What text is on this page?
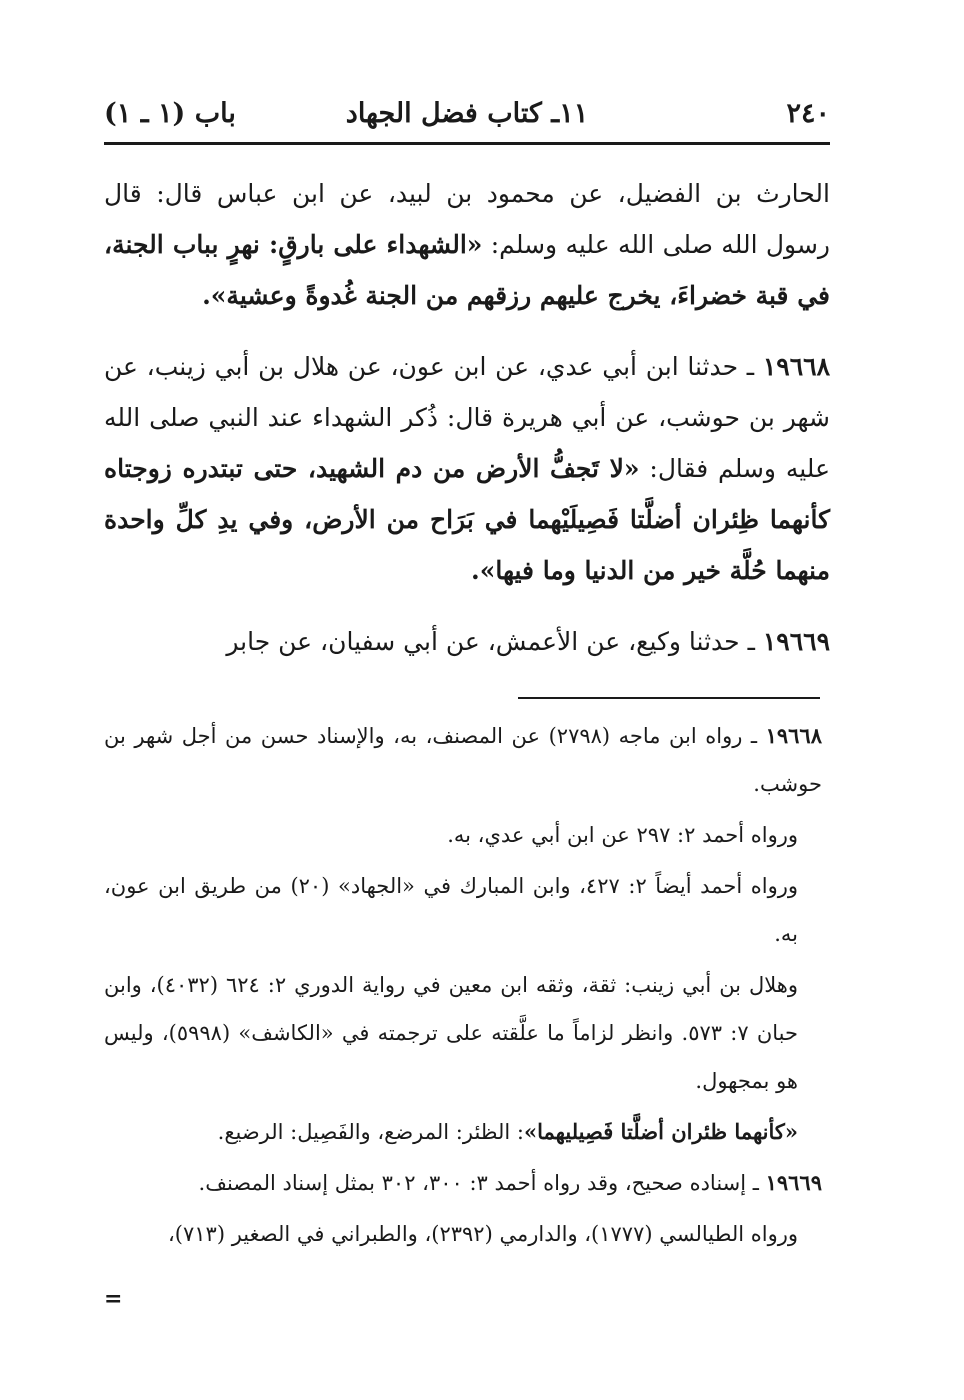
٢٤٠
١١ـ كتاب فضل الجهاد
باب (١ ـ ١)

الحارث بن الفضيل، عن محمود بن لبيد، عن ابن عباس قال: قال رسول الله صلى الله عليه وسلم: «الشهداء على بارقٍ: نهرٍ بباب الجنة، في قبة خضراءَ، يخرج عليهم رزقهم من الجنة غُدوةً وعشية».

١٩٦٦٨ ـ حدثنا ابن أبي عدي، عن ابن عون، عن هلال بن أبي زينب، عن شهر بن حوشب، عن أبي هريرة قال: ذُكر الشهداء عند النبي صلى الله عليه وسلم فقال: «لا تَجفُّ الأرض من دم الشهيد، حتى تبتدره زوجتاه كأنهما ظِئران أضلَّتا فَصِيلَيْهما في بَرَاح من الأرض، وفي يدِ كلِّ واحدة منهما حُلَّة خير من الدنيا وما فيها».

١٩٦٦٩ ـ حدثنا وكيع، عن الأعمش، عن أبي سفيان، عن جابر

١٩٦٦٨ ـ رواه ابن ماجه (٢٧٩٨) عن المصنف، به، والإسناد حسن من أجل شهر بن حوشب.

ورواه أحمد ٢: ٢٩٧ عن ابن أبي عدي، به.

ورواه أحمد أيضاً ٢: ٤٢٧، وابن المبارك في «الجهاد» (٢٠) من طريق ابن عون، به.

وهلال بن أبي زينب: ثقة، وثقه ابن معين في رواية الدوري ٢: ٦٢٤ (٤٠٣٢)، وابن حبان ٧: ٥٧٣. وانظر لزاماً ما علَّقته على ترجمته في «الكاشف» (٥٩٩٨)، وليس هو بمجهول.

«كأنهما ظئران أضلَّتا فَصِيليهما»: الظئر: المرضع، والفَصِيل: الرضيع.

١٩٦٦٩ ـ إسناده صحيح، وقد رواه أحمد ٣: ٣٠٠، ٣٠٢ بمثل إسناد المصنف.

ورواه الطيالسي (١٧٧٧)، والدارمي (٢٣٩٢)، والطبراني في الصغير (٧١٣)،

=
